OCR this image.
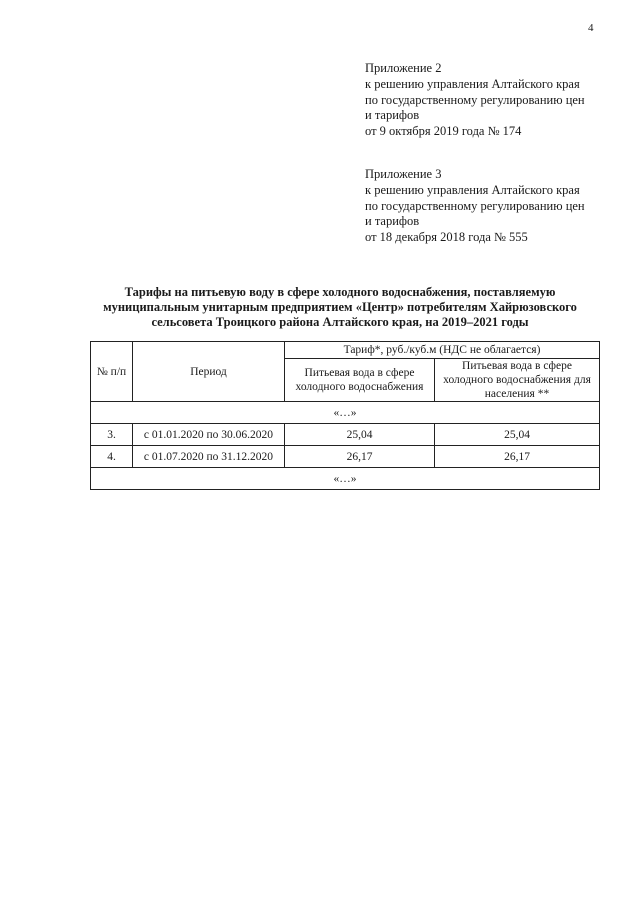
4
Приложение 2
к решению управления Алтайского края
по государственному регулированию цен
и тарифов
от 9 октября 2019 года № 174
Приложение 3
к решению управления Алтайского края
по государственному регулированию цен
и тарифов
от 18 декабря 2018 года № 555
Тарифы на питьевую воду в сфере холодного водоснабжения, поставляемую
муниципальным унитарным предприятием «Центр» потребителям Хайрюзовского
сельсовета Троицкого района Алтайского края, на 2019–2021 годы
№ п/п	Период	Тариф*, руб./куб.м (НДС не облагается)	
		Питьевая вода в сфере холодного водоснабжения	Питьевая вода в сфере холодного водоснабжения для населения **
«…»			
3.	с 01.01.2020 по 30.06.2020	25,04	25,04
4.	с 01.07.2020 по 31.12.2020	26,17	26,17
«…»			
